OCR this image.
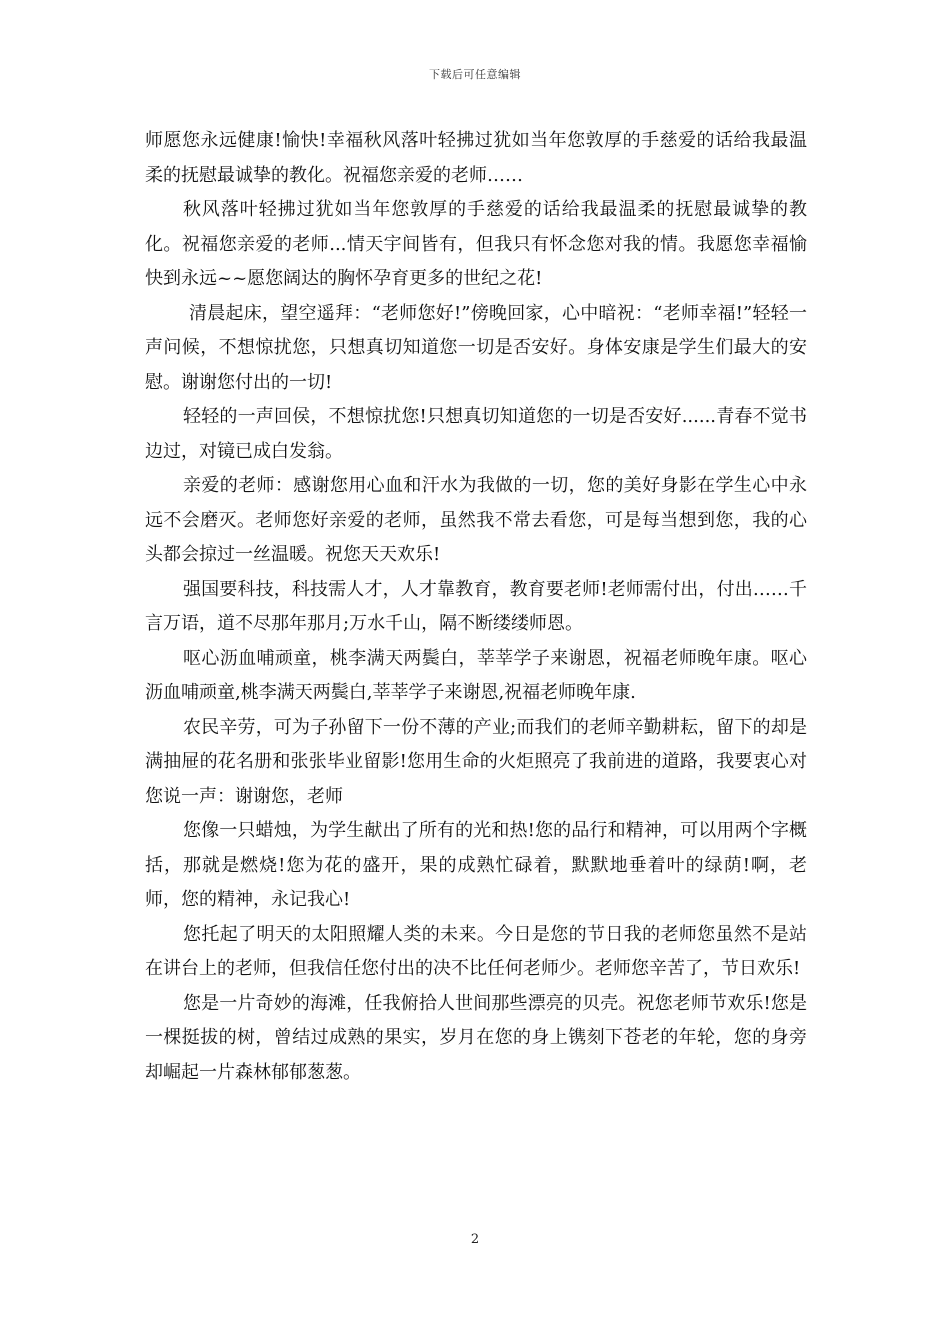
下载后可任意编辑

师愿您永远健康!愉快!幸福秋风落叶轻拂过犹如当年您敦厚的手慈爱的话给我最温柔的抚慰最诚挚的教化。祝福您亲爱的老师……

秋风落叶轻拂过犹如当年您敦厚的手慈爱的话给我最温柔的抚慰最诚挚的教化。祝福您亲爱的老师...情天宇间皆有，但我只有怀念您对我的情。我愿您幸福愉快到永远~~愿您阔达的胸怀孕育更多的世纪之花!

清晨起床，望空遥拜：“老师您好!”傍晚回家，心中暗祝：“老师幸福!”轻轻一声问候，不想惊扰您，只想真切知道您一切是否安好。身体安康是学生们最大的安慰。谢谢您付出的一切!

轻轻的一声回侯，不想惊扰您!只想真切知道您的一切是否安好......青春不觉书边过，对镜已成白发翁。

亲爱的老师：感谢您用心血和汗水为我做的一切，您的美好身影在学生心中永远不会磨灭。老师您好亲爱的老师，虽然我不常去看您，可是每当想到您，我的心头都会掠过一丝温暖。祝您天天欢乐!

强国要科技，科技需人才，人才靠教育，教育要老师!老师需付出，付出……千言万语，道不尽那年那月;万水千山，隔不断缕缕师恩。

呕心沥血哺顽童，桃李满天两鬓白，莘莘学子来谢恩，祝福老师晚年康。呕心沥血哺顽童,桃李满天两鬓白,莘莘学子来谢恩,祝福老师晚年康.

农民辛劳，可为子孙留下一份不薄的产业;而我们的老师辛勤耕耘，留下的却是满抽屉的花名册和张张毕业留影!您用生命的火炬照亮了我前进的道路，我要衷心对您说一声：谢谢您，老师

您像一只蜡烛，为学生献出了所有的光和热!您的品行和精神，可以用两个字概括，那就是燃烧!您为花的盛开，果的成熟忙碌着，默默地垂着叶的绿荫!啊，老师，您的精神，永记我心!

您托起了明天的太阳照耀人类的未来。今日是您的节日我的老师您虽然不是站在讲台上的老师，但我信任您付出的决不比任何老师少。老师您辛苦了，节日欢乐!

您是一片奇妙的海滩，任我俯拾人世间那些漂亮的贝壳。祝您老师节欢乐!您是一棵挺拔的树，曾结过成熟的果实，岁月在您的身上镌刻下苍老的年轮，您的身旁却崛起一片森林郁郁葱葱。

2
